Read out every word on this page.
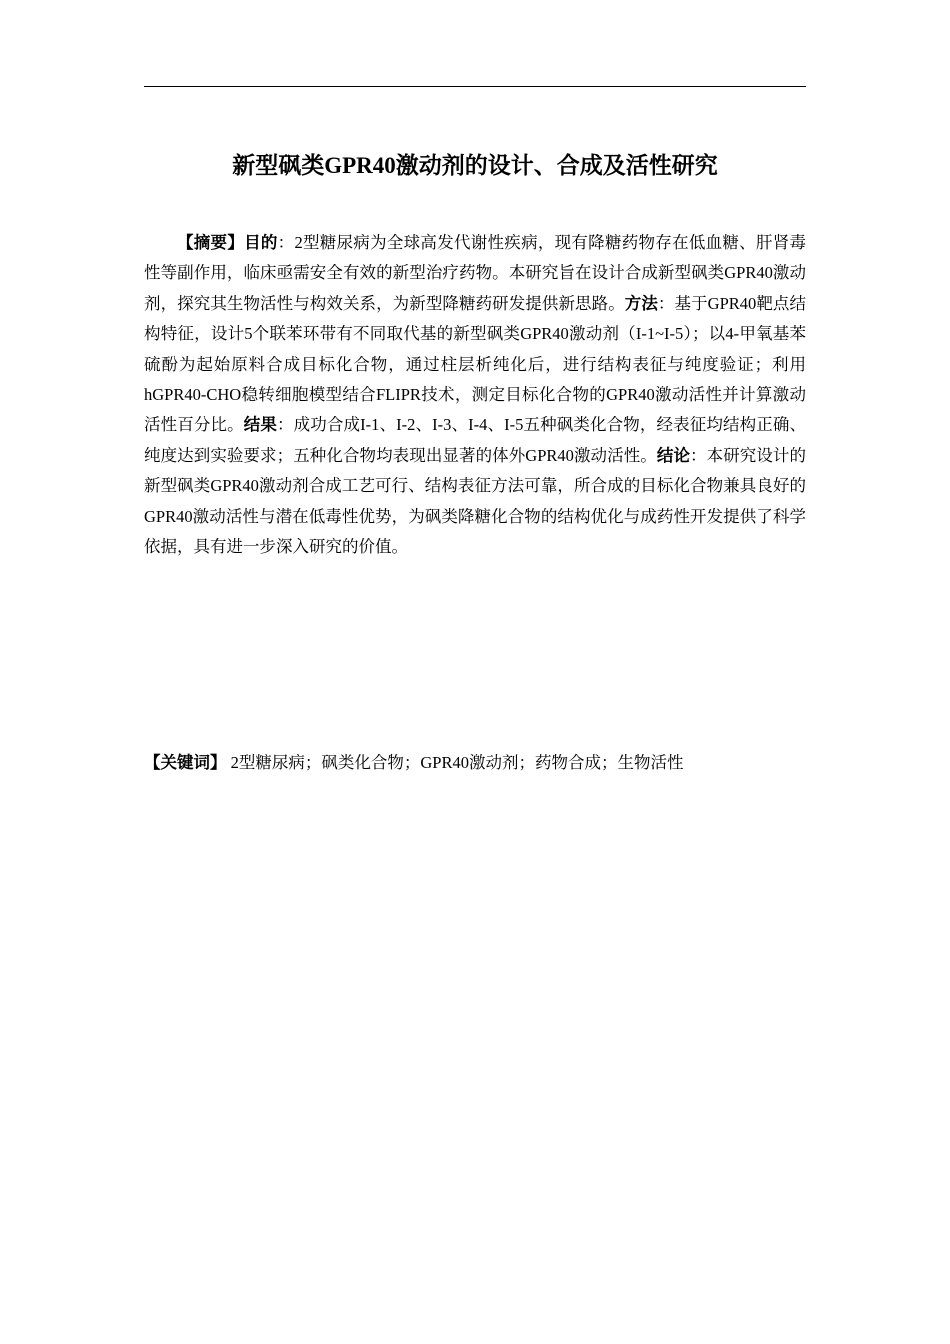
新型砜类GPR40激动剂的设计、合成及活性研究

【摘要】目的：2型糖尿病为全球高发代谢性疾病，现有降糖药物存在低血糖、肝肾毒性等副作用，临床亟需安全有效的新型治疗药物。本研究旨在设计合成新型砜类GPR40激动剂，探究其生物活性与构效关系，为新型降糖药研发提供新思路。方法：基于GPR40靶点结构特征，设计5个联苯环带有不同取代基的新型砜类GPR40激动剂（I-1~I-5）；以4-甲氧基苯硫酚为起始原料合成目标化合物，通过柱层析纯化后，进行结构表征与纯度验证；利用hGPR40-CHO稳转细胞模型结合FLIPR技术，测定目标化合物的GPR40激动活性并计算激动活性百分比。结果：成功合成I-1、I-2、I-3、I-4、I-5五种砜类化合物，经表征均结构正确、纯度达到实验要求；五种化合物均表现出显著的体外GPR40激动活性。结论：本研究设计的新型砜类GPR40激动剂合成工艺可行、结构表征方法可靠，所合成的目标化合物兼具良好的GPR40激动活性与潜在低毒性优势，为砜类降糖化合物的结构优化与成药性开发提供了科学依据，具有进一步深入研究的价值。

【关键词】 2型糖尿病；砜类化合物；GPR40激动剂；药物合成；生物活性
